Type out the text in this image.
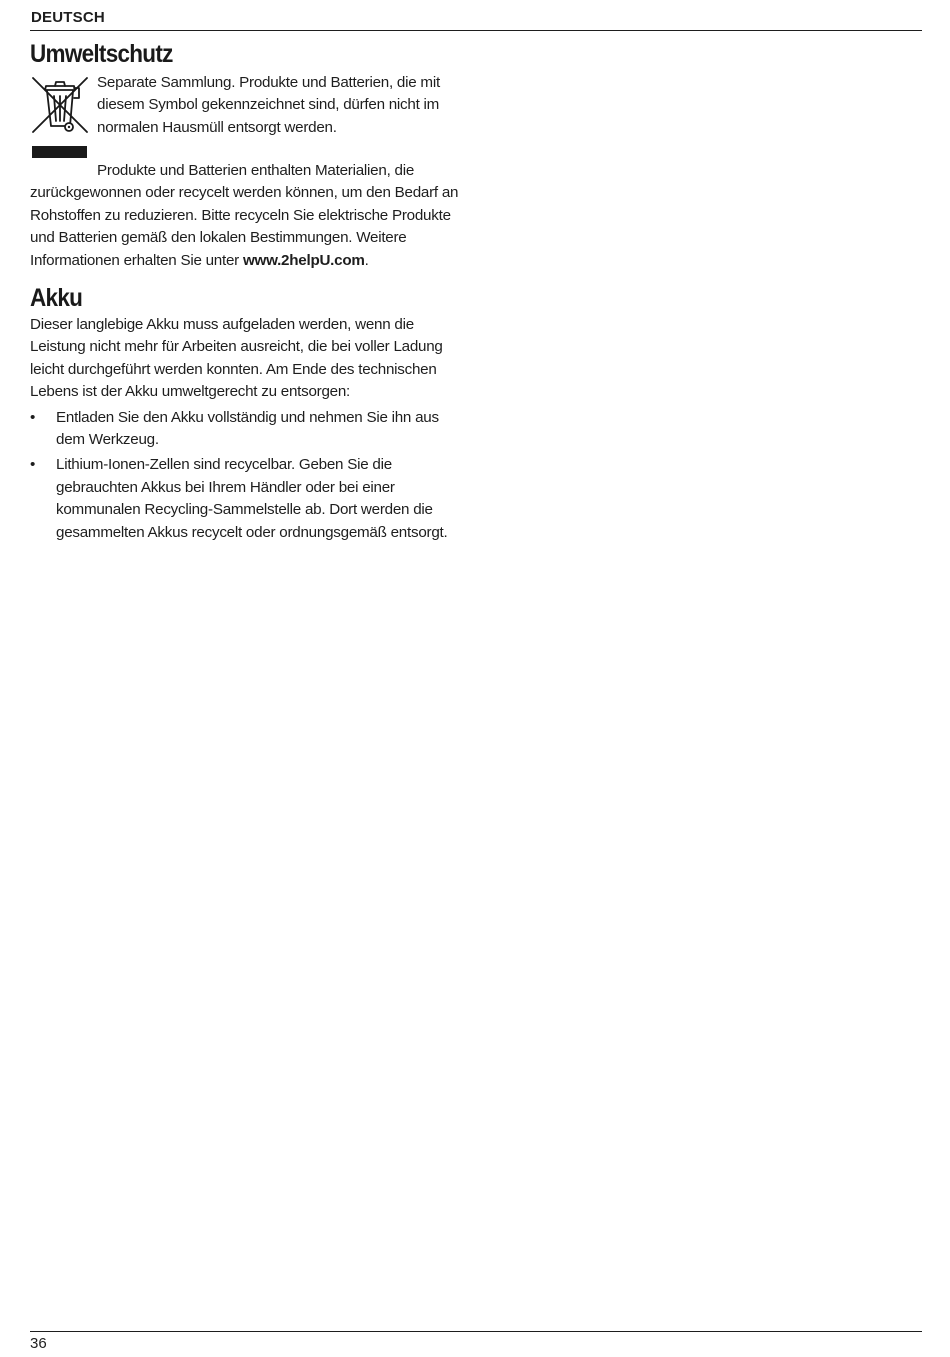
DEUTSCH
Umweltschutz

Separate Sammlung. Produkte und Batterien, die mit diesem Symbol gekennzeichnet sind, dürfen nicht im normalen Hausmüll entsorgt werden.

Produkte und Batterien enthalten Materialien, die zurückgewonnen oder recycelt werden können, um den Bedarf an Rohstoffen zu reduzieren. Bitte recyceln Sie elektrische Produkte und Batterien gemäß den lokalen Bestimmungen. Weitere Informationen erhalten Sie unter www.2helpU.com.

Akku

Dieser langlebige Akku muss aufgeladen werden, wenn die Leistung nicht mehr für Arbeiten ausreicht, die bei voller Ladung leicht durchgeführt werden konnten. Am Ende des technischen Lebens ist der Akku umweltgerecht zu entsorgen:

• Entladen Sie den Akku vollständig und nehmen Sie ihn aus dem Werkzeug.
• Lithium-Ionen-Zellen sind recycelbar. Geben Sie die gebrauchten Akkus bei Ihrem Händler oder bei einer kommunalen Recycling-Sammelstelle ab. Dort werden die gesammelten Akkus recycelt oder ordnungsgemäß entsorgt.
36
